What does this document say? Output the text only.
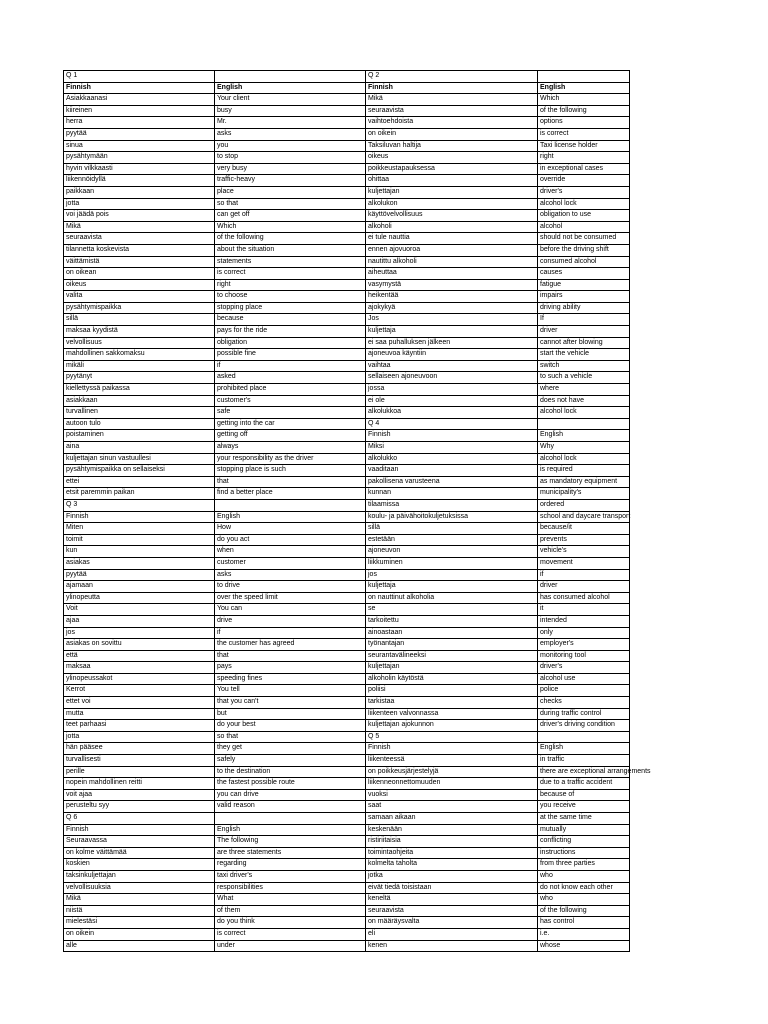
Q 1		Q 2	
Finnish	English	Finnish	English
Asiakkaanasi	Your client	Mikä	Which
kiireinen	busy	seuraavista	of the following
herra	Mr.	vaihtoehdoista	options
pyytää	asks	on oikein	is correct
sinua	you	Taksiluvan haltija	Taxi license holder
pysähtymään	to stop	oikeus	right
hyvin vilkkaasti	very busy	poikkeustapauksessa	in exceptional cases
liikennöidyllä	traffic-heavy	ohittaa	override
paikkaan	place	kuljettajan	driver's
jotta	so that	alkolukon	alcohol lock
voi jäädä pois	can get off	käyttövelvollisuus	obligation to use
Mikä	Which	alkoholi	alcohol
seuraavista	of the following	ei tule nauttia	should not be consumed
tilannetta koskevista	about the situation	ennen ajovuoroa	before the driving shift
väittämistä	statements	nautittu alkoholi	consumed alcohol
on oikean	is correct	aiheuttaa	causes
oikeus	right	vasymystä	fatigue
valita	to choose	heikentää	impairs
pysähtymispaikka	stopping place	ajokykyä	driving ability
sillä	because	Jos	If
maksaa kyydistä	pays for the ride	kuljettaja	driver
velvollisuus	obligation	ei saa puhalluksen jälkeen	cannot after blowing
mahdollinen sakkomaksu	possible fine	ajoneuvoa käyntiin	start the vehicle
mikäli	if	vaihtaa	switch
pyytänyt	asked	sellaiseen ajoneuvoon	to such a vehicle
kiellettyssä paikassa	prohibited place	jossa	where
asiakkaan	customer's	ei ole	does not have
turvallinen	safe	alkolukkoa	alcohol lock
autoon tulo	getting into the car	Q 4	
poistaminen	getting off	Finnish	English
aina	always	Miksi	Why
kuljettajan sinun vastuullesi	your responsibility as the driver	alkolukko	alcohol lock
pysähtymispaikka on sellaiseksi	stopping place is such	vaaditaan	is required
ettei	that	pakollisena varusteena	as mandatory equipment
etsit paremmin paikan	find a better place	kunnan	municipality's
Q 3		tilaamissa	ordered
Finnish	English	koulu- ja päivähoitokuljetuksissa	school and daycare transport
Miten	How	sillä	because/it
toimit	do you act	estetään	prevents
kun	when	ajoneuvon	vehicle's
asiakas	customer	liikkuminen	movement
pyytää	asks	jos	if
ajamaan	to drive	kuljettaja	driver
ylinopeutta	over the speed limit	on nauttinut alkoholia	has consumed alcohol
Voit	You can	se	it
ajaa	drive	tarkoitettu	intended
jos	if	ainoastaan	only
asiakas on sovittu	the customer has agreed	työnantajan	employer's
että	that	seurantavälineeksi	monitoring tool
maksaa	pays	kuljettajan	driver's
ylinopeussakot	speeding fines	alkoholin käytöstä	alcohol use
Kerrot	You tell	poliisi	police
ettet voi	that you can't	tarkistaa	checks
mutta	but	liikenteen valvonnassa	during traffic control
teet parhaasi	do your best	kuljettajan ajokunnon	driver's driving condition
jotta	so that	Q 5	
hän pääsee	they get	Finnish	English
turvallisesti	safely	liikenteessä	in traffic
perille	to the destination	on poikkeusjärjestelyjä	there are exceptional arrangements
nopein mahdollinen reitti	the fastest possible route	liikenneonnettomuuden	due to a traffic accident
voit ajaa	you can drive	vuoksi	because of
perusteltu syy	valid reason	saat	you receive
Q 6		samaan aikaan	at the same time
Finnish	English	keskenään	mutually
Seuraavassa	The following	ristiriitaisia	conflicting
on kolme väittämää	are three statements	toimintaohjeita	instructions
koskien	regarding	kolmelta taholta	from three parties
taksinkuljettajan	taxi driver's	jotka	who
velvollisuuksia	responsibilities	eivät tiedä toisistaan	do not know each other
Mikä	What	keneltä	who
niistä	of them	seuraavista	of the following
mielestäsi	do you think	on määräysvalta	has control
on oikein	is correct	eli	i.e.
alle	under	kenen	whose
